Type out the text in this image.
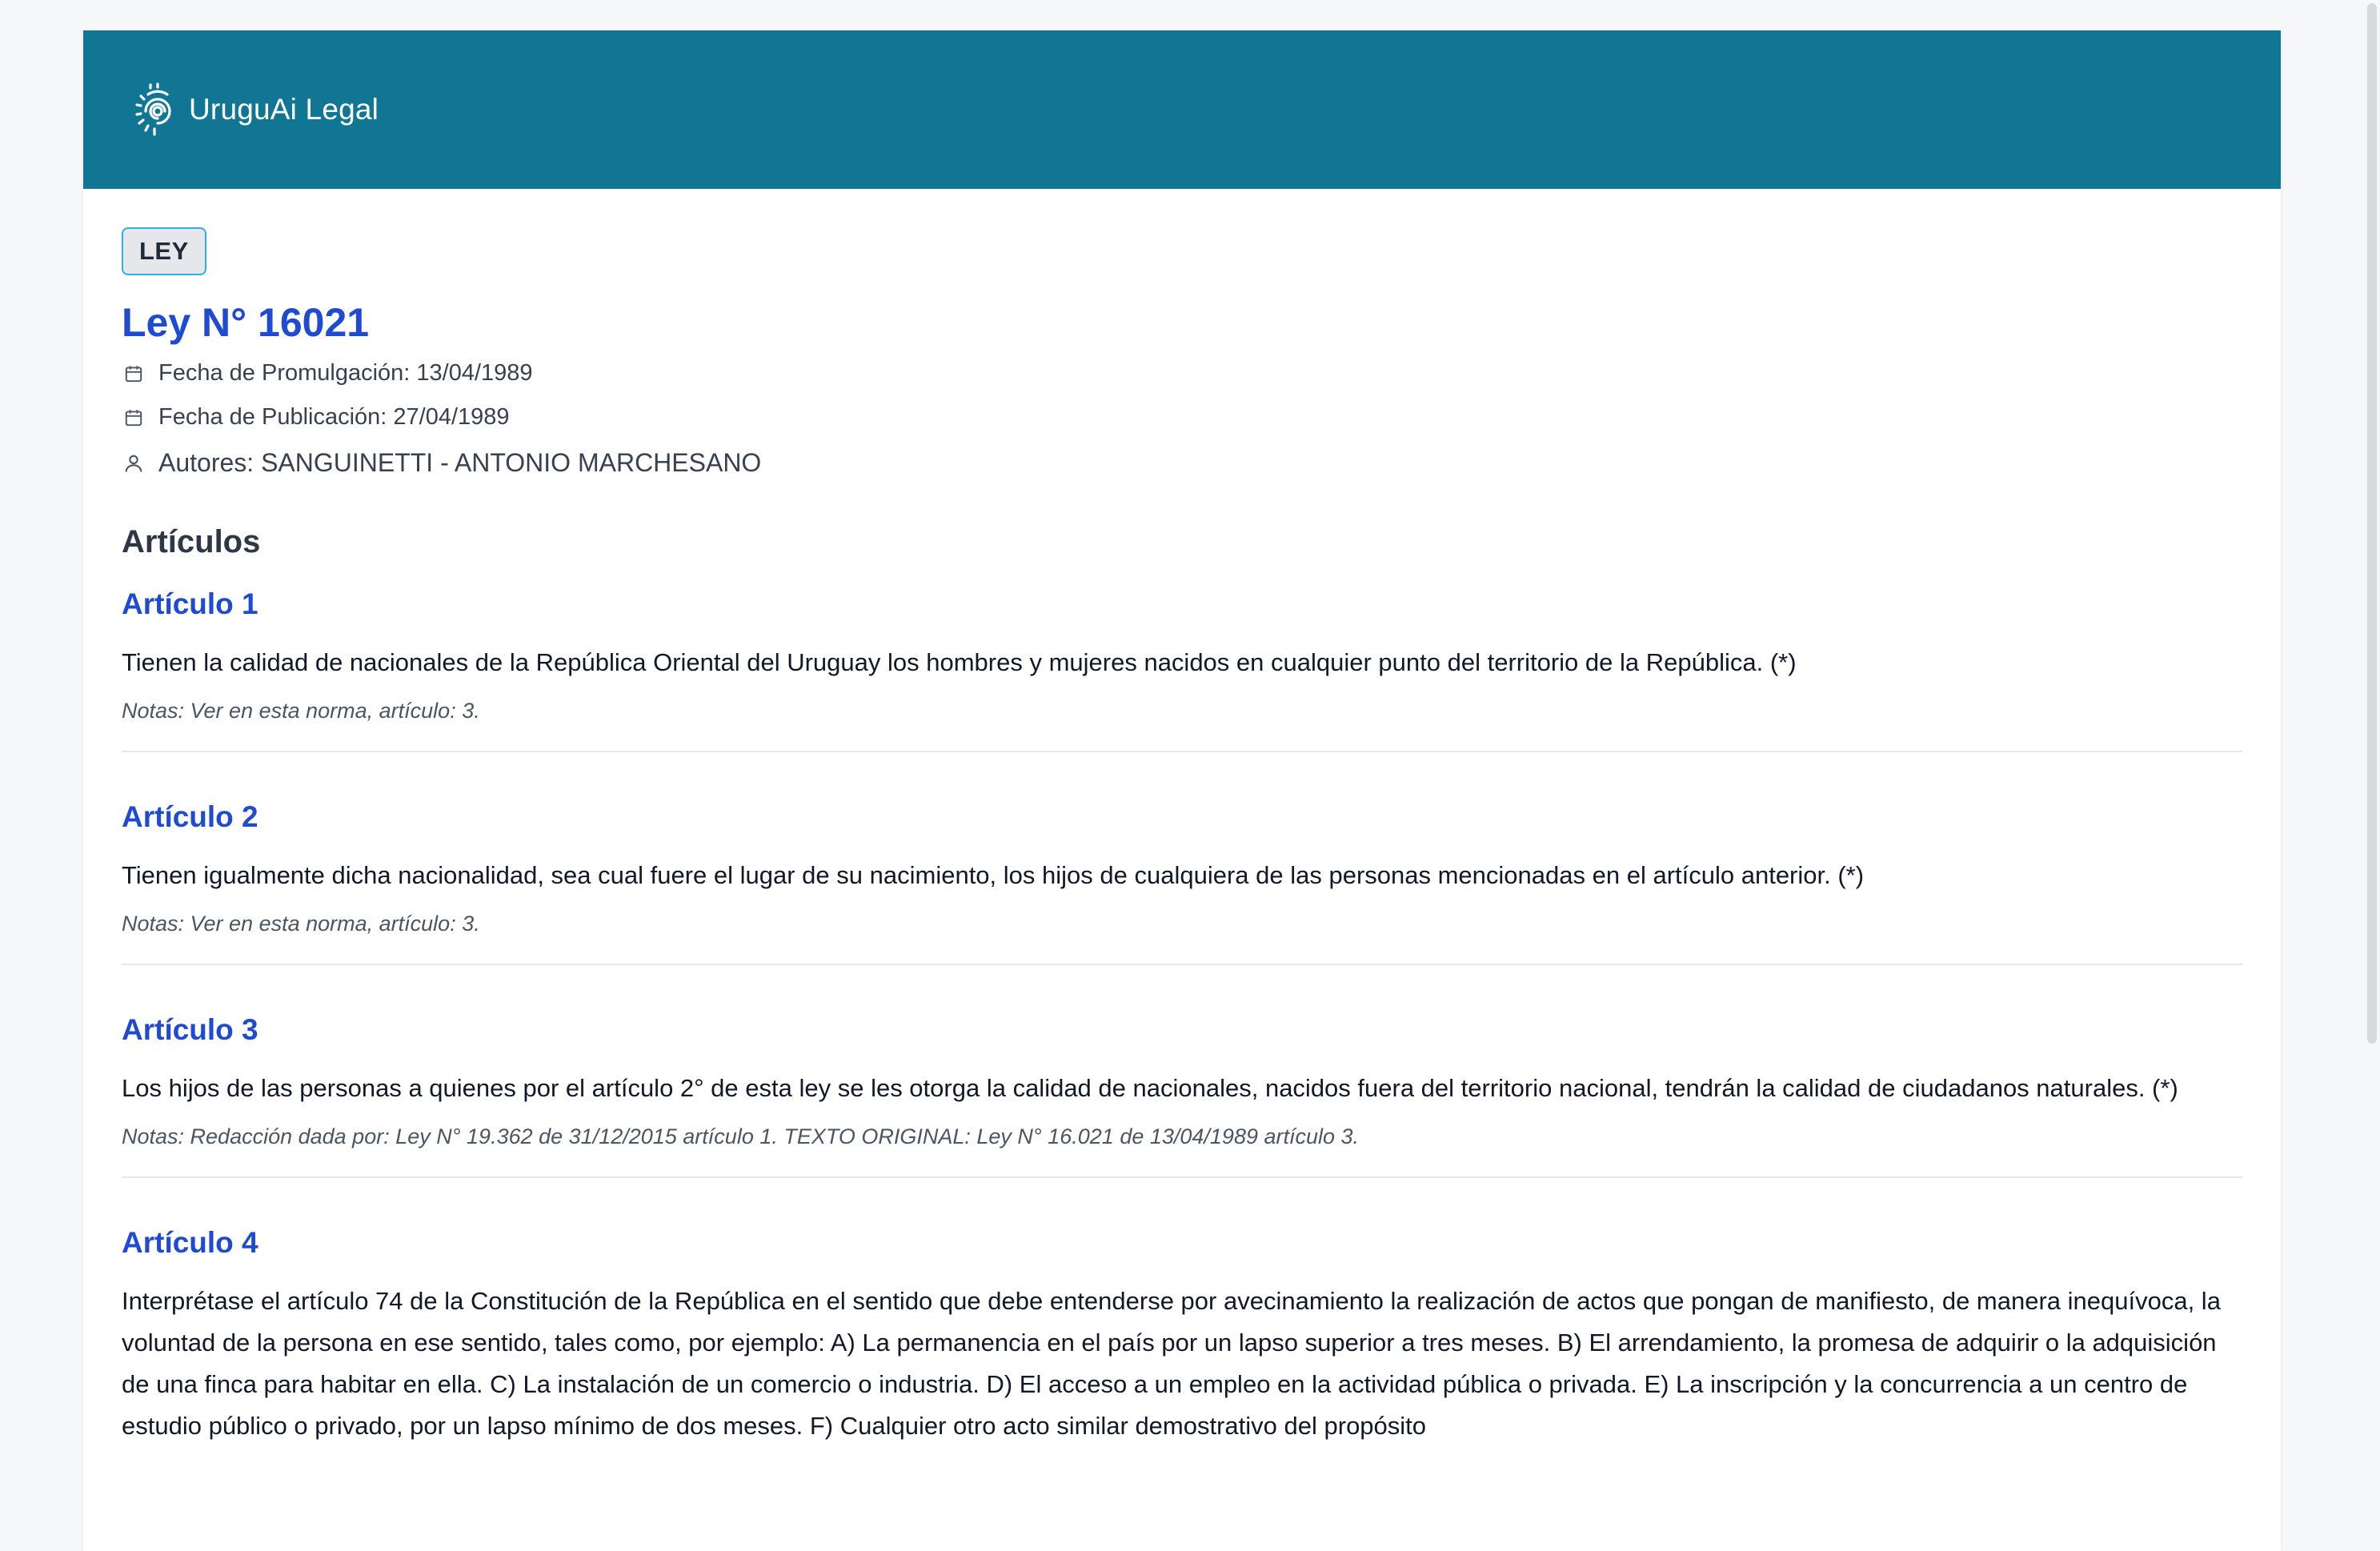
UruguAi Legal
LEY
Ley N° 16021
Fecha de Promulgación: 13/04/1989
Fecha de Publicación: 27/04/1989
Autores: SANGUINETTI - ANTONIO MARCHESANO
Artículos
Artículo 1
Tienen la calidad de nacionales de la República Oriental del Uruguay los hombres y mujeres nacidos en cualquier punto del territorio de la República. (*)
Notas: Ver en esta norma, artículo: 3.
Artículo 2
Tienen igualmente dicha nacionalidad, sea cual fuere el lugar de su nacimiento, los hijos de cualquiera de las personas mencionadas en el artículo anterior. (*)
Notas: Ver en esta norma, artículo: 3.
Artículo 3
Los hijos de las personas a quienes por el artículo 2° de esta ley se les otorga la calidad de nacionales, nacidos fuera del territorio nacional, tendrán la calidad de ciudadanos naturales. (*)
Notas: Redacción dada por: Ley N° 19.362 de 31/12/2015 artículo 1. TEXTO ORIGINAL: Ley N° 16.021 de 13/04/1989 artículo 3.
Artículo 4
Interprétase el artículo 74 de la Constitución de la República en el sentido que debe entenderse por avecinamiento la realización de actos que pongan de manifiesto, de manera inequívoca, la voluntad de la persona en ese sentido, tales como, por ejemplo: A) La permanencia en el país por un lapso superior a tres meses. B) El arrendamiento, la promesa de adquirir o la adquisición de una finca para habitar en ella. C) La instalación de un comercio o industria. D) El acceso a un empleo en la actividad pública o privada. E) La inscripción y la concurrencia a un centro de estudio público o privado, por un lapso mínimo de dos meses. F) Cualquier otro acto similar demostrativo del propósito
